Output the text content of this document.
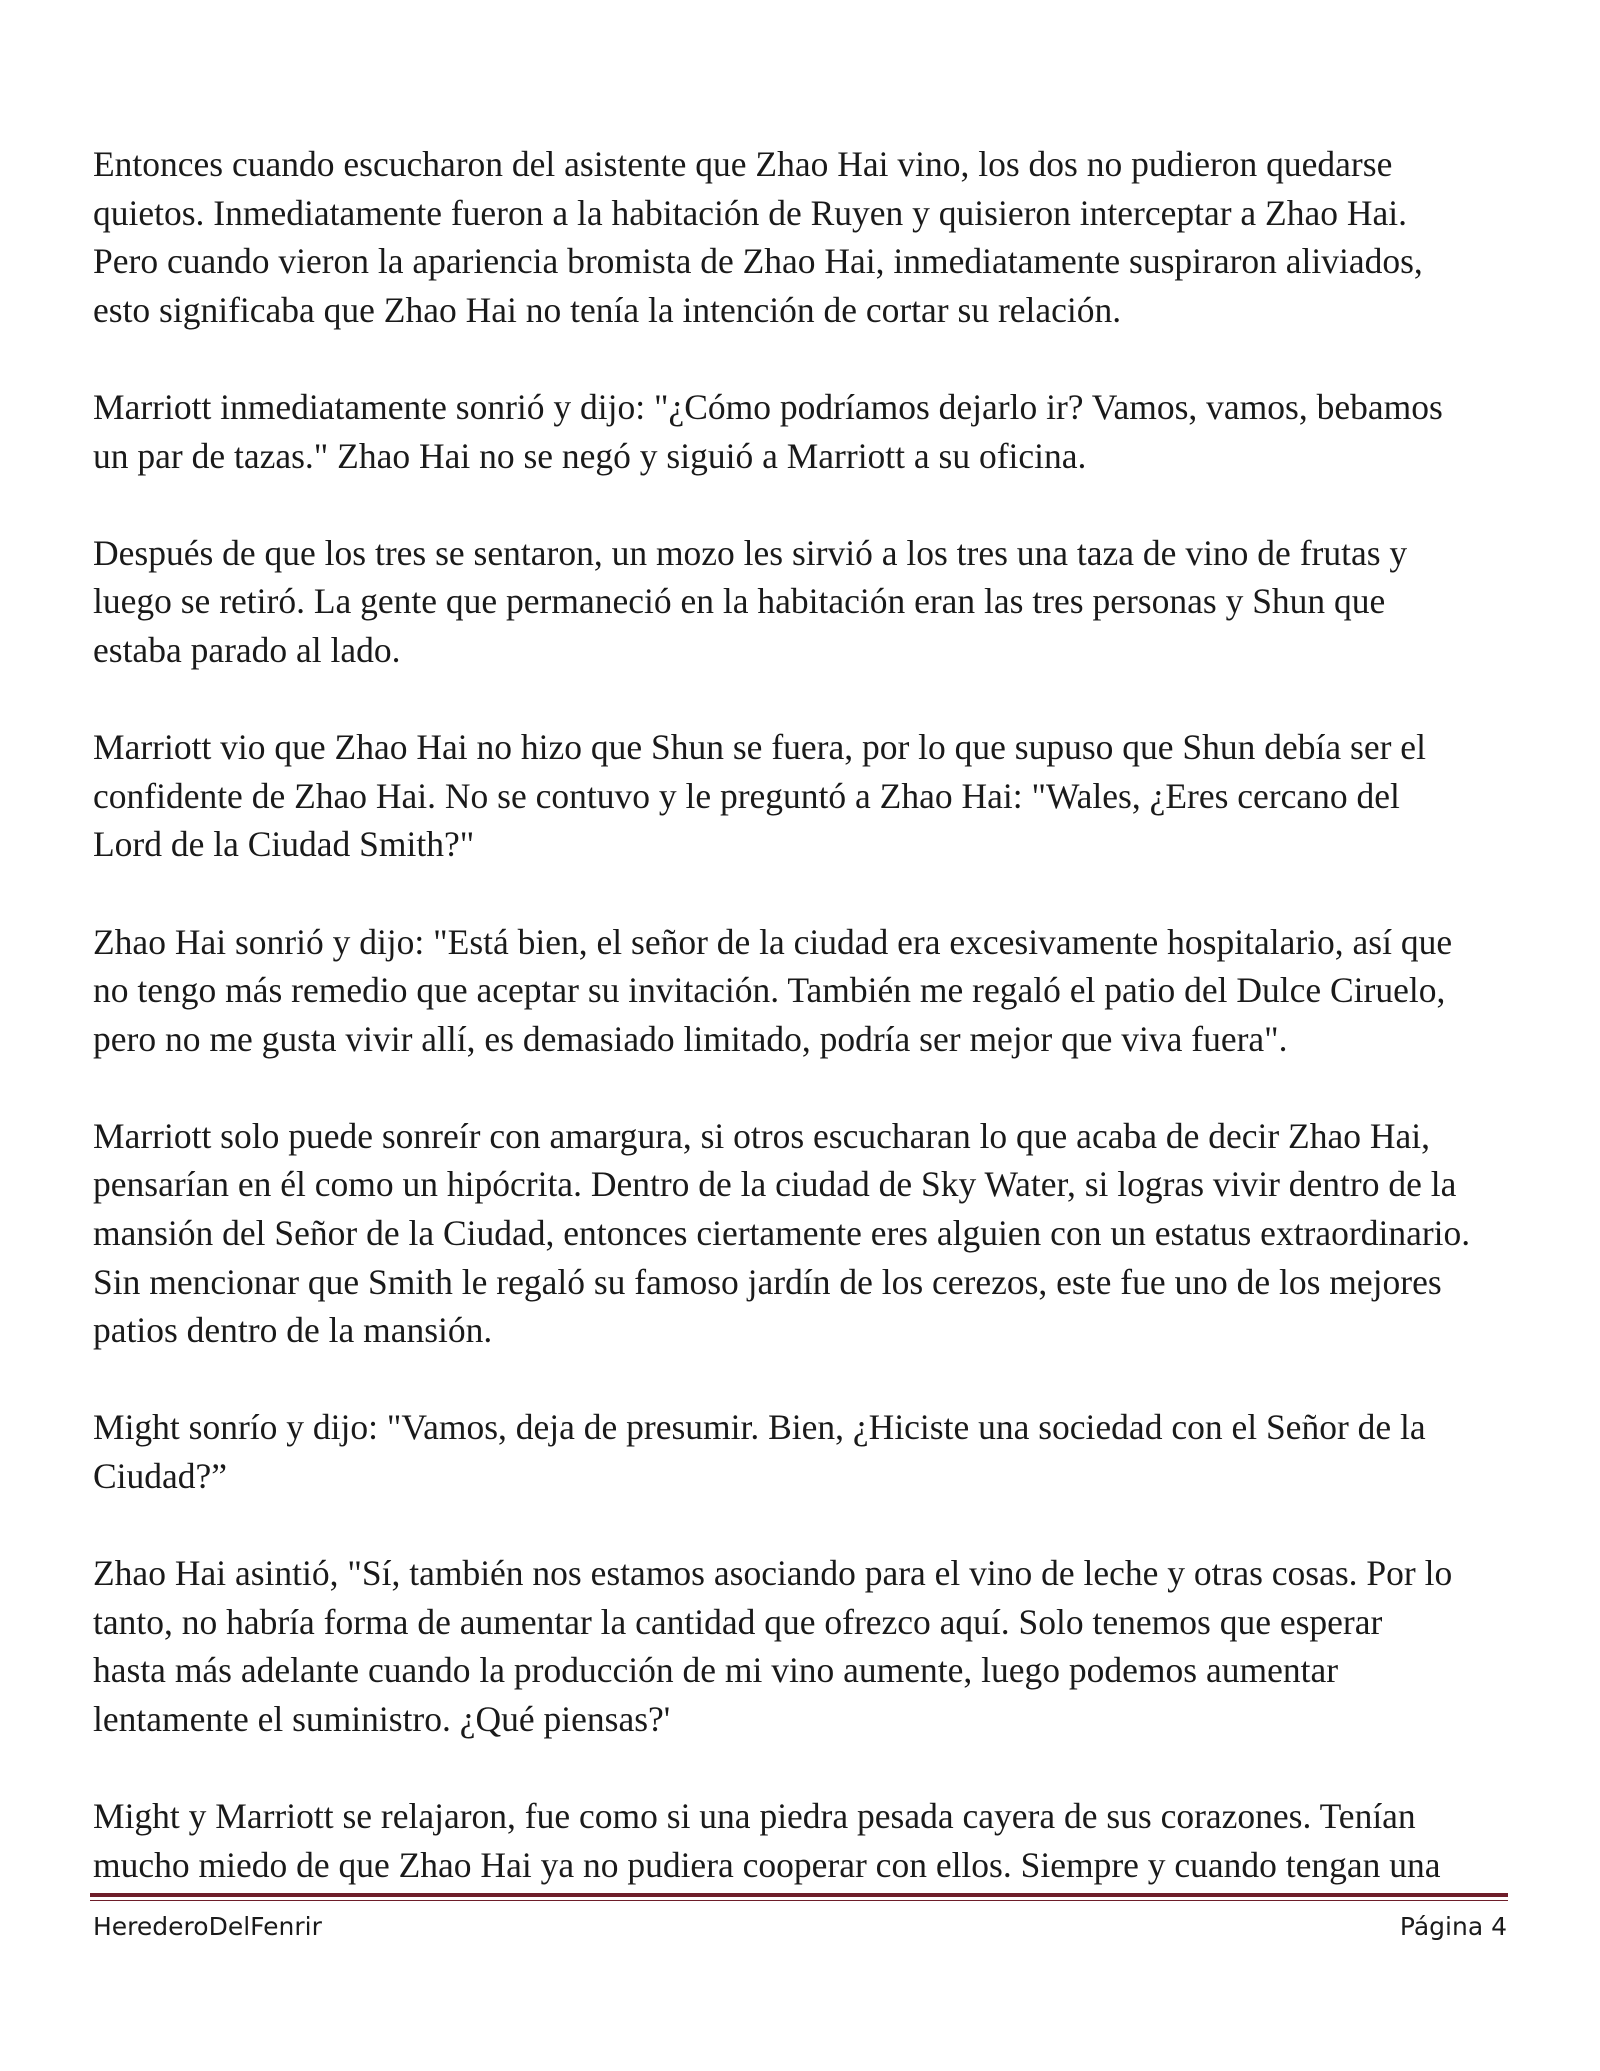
Entonces cuando escucharon del asistente que Zhao Hai vino, los dos no pudieron quedarse
quietos. Inmediatamente fueron a la habitación de Ruyen y quisieron interceptar a Zhao Hai.
Pero cuando vieron la apariencia bromista de Zhao Hai, inmediatamente suspiraron aliviados,
esto significaba que Zhao Hai no tenía la intención de cortar su relación.

Marriott inmediatamente sonrió y dijo: "¿Cómo podríamos dejarlo ir? Vamos, vamos, bebamos
un par de tazas." Zhao Hai no se negó y siguió a Marriott a su oficina.

Después de que los tres se sentaron, un mozo les sirvió a los tres una taza de vino de frutas y
luego se retiró. La gente que permaneció en la habitación eran las tres personas y Shun que
estaba parado al lado.

Marriott vio que Zhao Hai no hizo que Shun se fuera, por lo que supuso que Shun debía ser el
confidente de Zhao Hai. No se contuvo y le preguntó a Zhao Hai: "Wales, ¿Eres cercano del
Lord de la Ciudad Smith?"

Zhao Hai sonrió y dijo: "Está bien, el señor de la ciudad era excesivamente hospitalario, así que
no tengo más remedio que aceptar su invitación. También me regaló el patio del Dulce Ciruelo,
pero no me gusta vivir allí, es demasiado limitado, podría ser mejor que viva fuera".

Marriott solo puede sonreír con amargura, si otros escucharan lo que acaba de decir Zhao Hai,
pensarían en él como un hipócrita. Dentro de la ciudad de Sky Water, si logras vivir dentro de la
mansión del Señor de la Ciudad, entonces ciertamente eres alguien con un estatus extraordinario.
Sin mencionar que Smith le regaló su famoso jardín de los cerezos, este fue uno de los mejores
patios dentro de la mansión.

Might sonrío y dijo: "Vamos, deja de presumir. Bien, ¿Hiciste una sociedad con el Señor de la
Ciudad?”

Zhao Hai asintió, "Sí, también nos estamos asociando para el vino de leche y otras cosas. Por lo
tanto, no habría forma de aumentar la cantidad que ofrezco aquí. Solo tenemos que esperar
hasta más adelante cuando la producción de mi vino aumente, luego podemos aumentar
lentamente el suministro. ¿Qué piensas?'

Might y Marriott se relajaron, fue como si una piedra pesada cayera de sus corazones. Tenían
mucho miedo de que Zhao Hai ya no pudiera cooperar con ellos. Siempre y cuando tengan una

HerederoDelFenrir	Página 4
